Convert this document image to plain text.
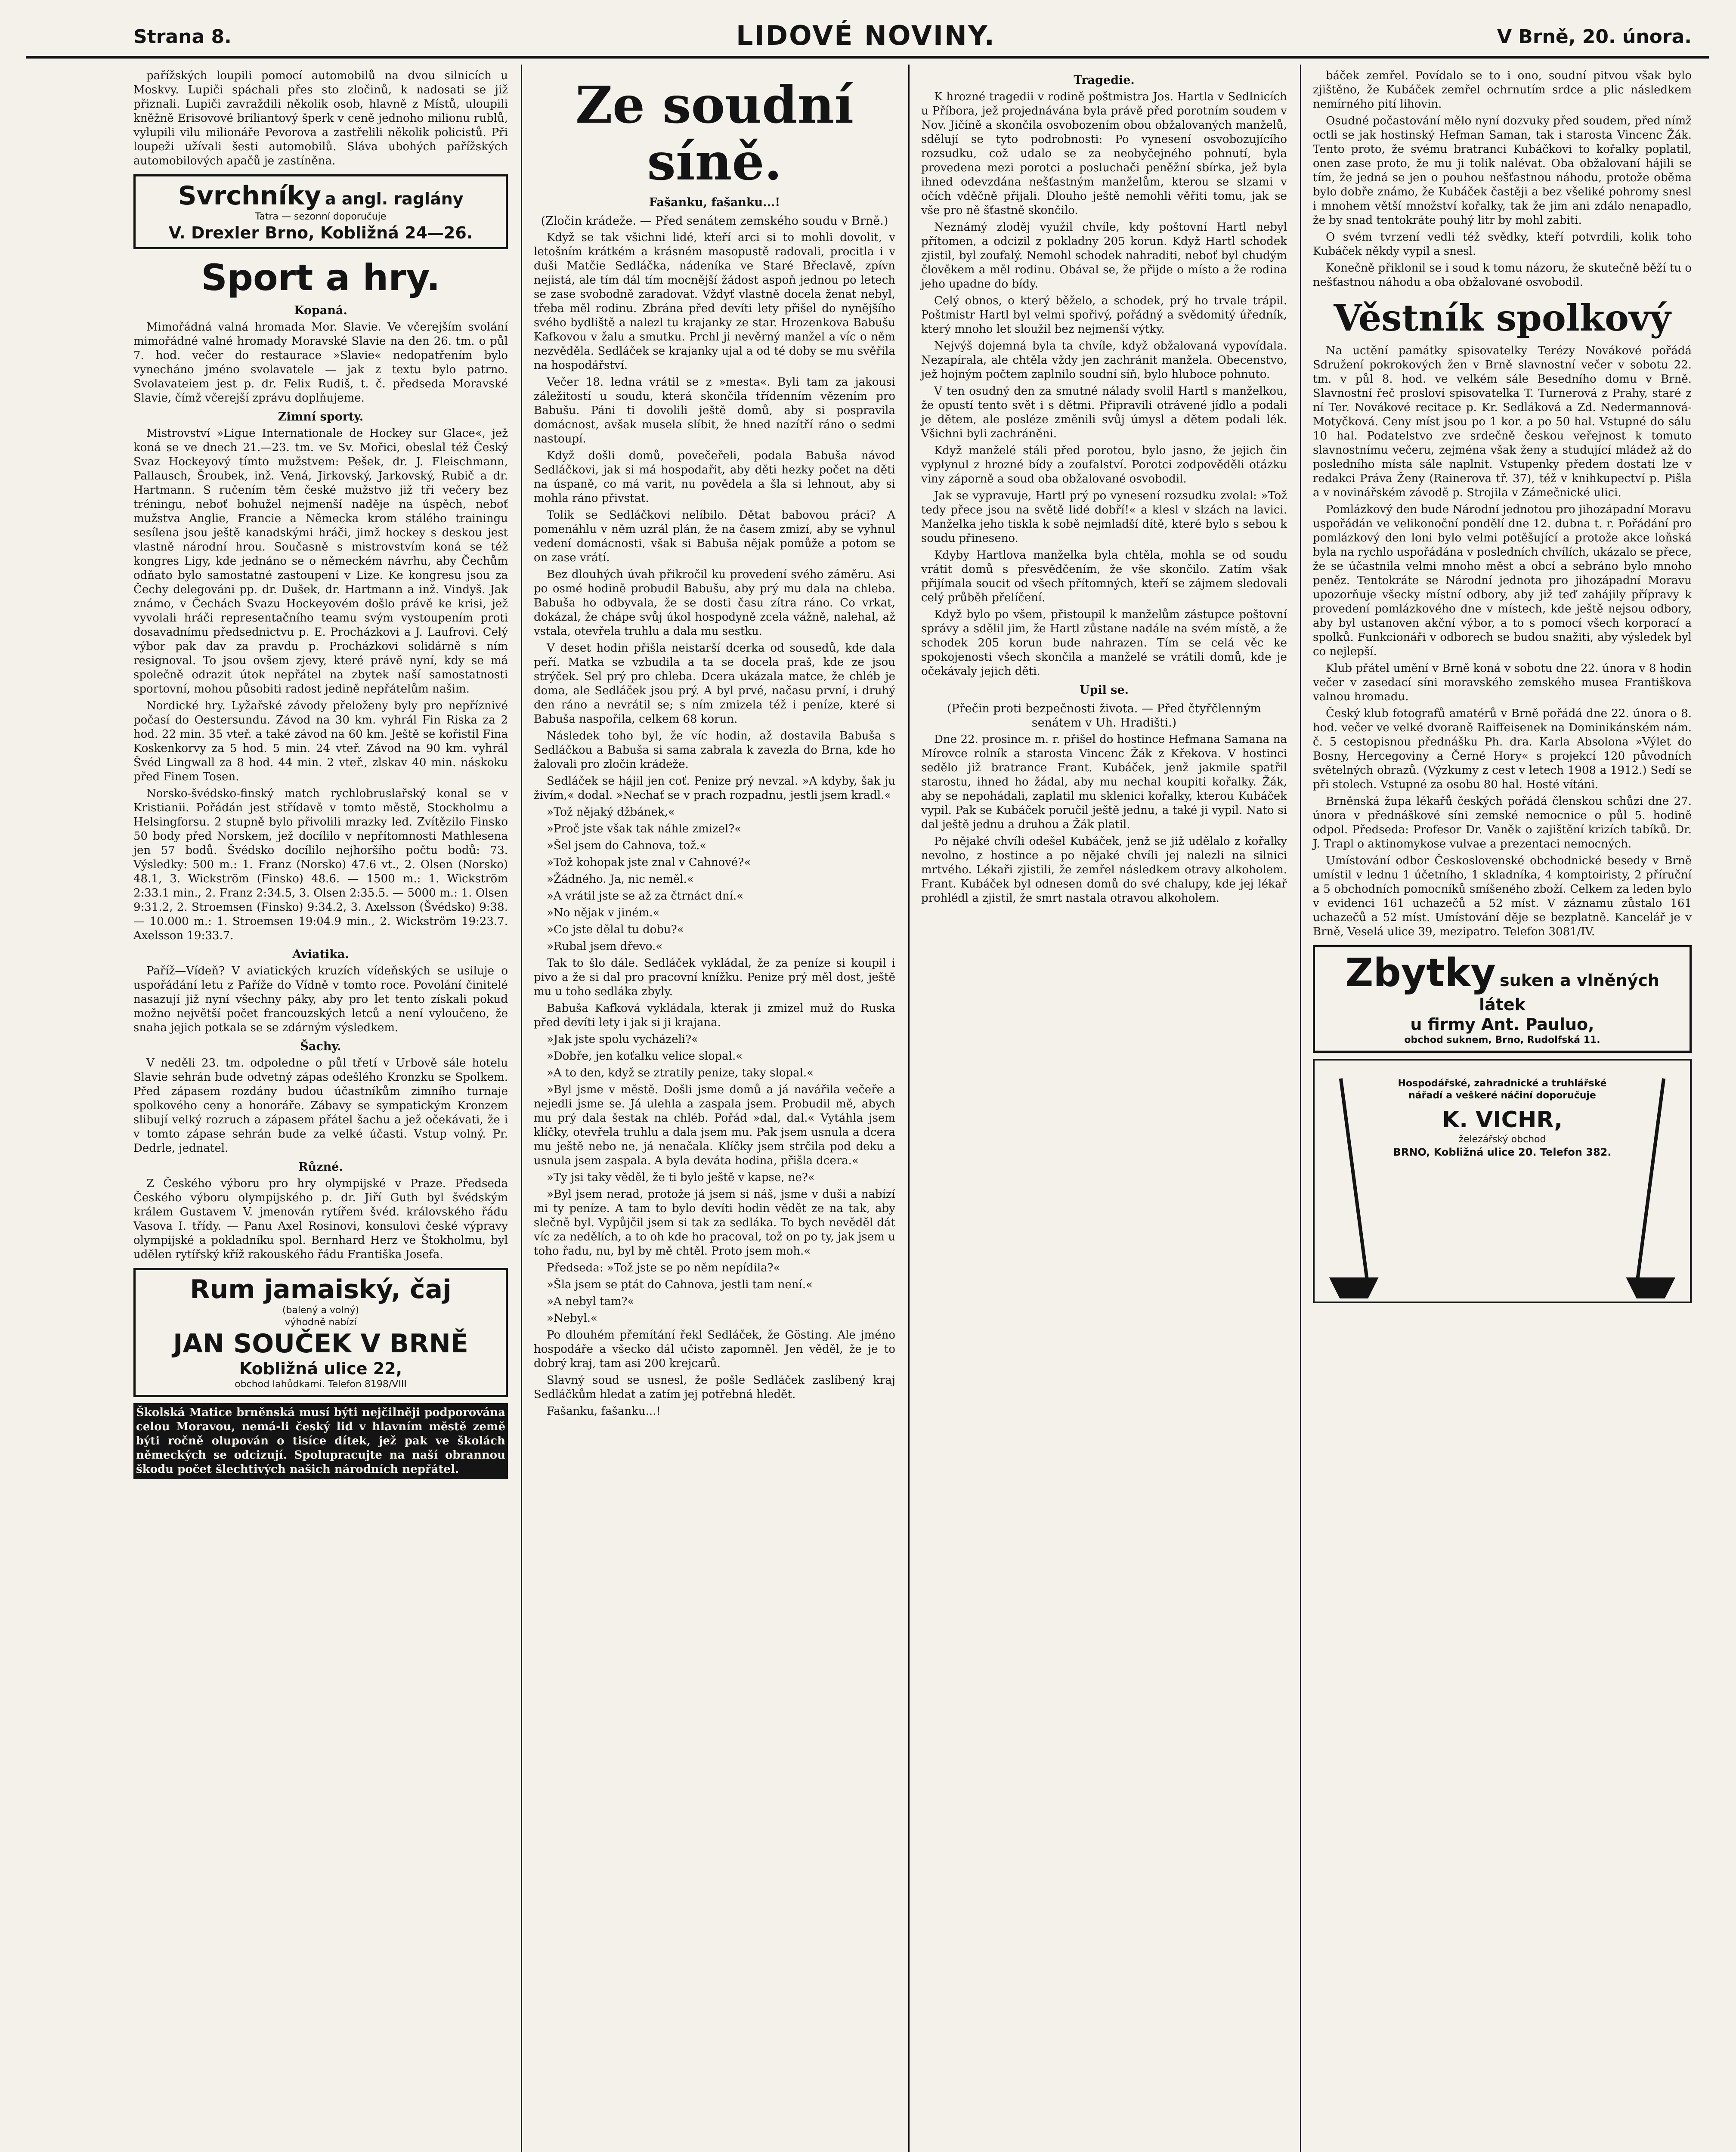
Strana 8.	LIDOVÉ NOVINY.	V Brně, 20. února.

pařížských loupili pomocí automobilů na dvou silnicích u Moskvy. Lupiči spáchali přes sto zločinů, k nadosati se již přiznali. Lupiči zavraždili několik osob, hlavně z Místů, uloupili kněžně Erisovové briliantový šperk v ceně jednoho milionu rublů, vylupili vilu milionáře Pevorova a zastřelili několik policistů. Při loupeži užívali šesti automobilů. Sláva ubohých pařížských automobilových apačů je zastíněna.

Svrchníky a angl. raglány
Tatra — sezonní doporučuje
V. Drexler Brno, Kobližná 24—26.
Sport a hry.
Kopaná.

Mimořádná valná hromada Mor. Slavie. Ve včerejším svolání mimořádné valné hromady Moravské Slavie na den 26. tm. o půl 7. hod. večer do restaurace »Slavie« nedopatřením bylo vynecháno jméno svolavatele — jak z textu bylo patrno. Svolavateiem jest p. dr. Felix Rudiš, t. č. předseda Moravské Slavie, čímž včerejší zprávu doplňujeme.

Zimní sporty.

Mistrovství »Ligue Internationale de Hockey sur Glace«, jež koná se ve dnech 21.—23. tm. ve Sv. Mořici, obeslal též Český Svaz Hockeyový tímto mužstvem: Pešek, dr. J. Fleischmann, Pallausch, Šroubek, inž. Vená, Jirkovský, Jarkovský, Rubič a dr. Hartmann. S ručením těm české mužstvo již tři večery bez tréningu, neboť bohužel nejmenší naděje na úspěch, neboť mužstva Anglie, Francie a Německa krom stálého trainingu sesílena jsou ještě kanadskými hráči, jimž hockey s deskou jest vlastně národní hrou. Současně s mistrovstvím koná se též kongres Ligy, kde jednáno se o německém návrhu, aby Čechům odňato bylo samostatné zastoupení v Lize. Ke kongresu jsou za Čechy delegováni pp. dr. Dušek, dr. Hartmann a inž. Vindyš. Jak známo, v Čechách Svazu Hockeyovém došlo právě ke krisi, jež vyvolali hráči representačního teamu svým vystoupením proti dosavadnímu předsednictvu p. E. Procházkovi a J. Laufrovi. Celý výbor pak dav za pravdu p. Procházkovi solidárně s ním resignoval. To jsou ovšem zjevy, které právě nyní, kdy se má společně odrazit útok nepřátel na zbytek naší samostatnosti sportovní, mohou působiti radost jedině nepřátelům našim.

Nordické hry. Lyžařské závody přeloženy byly pro nepříznivé počasí do Oestersundu. Závod na 30 km. vyhrál Fin Riska za 2 hod. 22 min. 35 vteř. a také závod na 60 km. Ještě se kořistil Fina Koskenkorvy za 5 hod. 5 min. 24 vteř. Závod na 90 km. vyhrál Švéd Lingwall za 8 hod. 44 min. 2 vteř., zlskav 40 min. náskoku před Finem Tosen.

Norsko-švédsko-finský match rychlobruslařský konal se v Kristianii. Pořádán jest střídavě v tomto městě, Stockholmu a Helsingforsu. 2 stupně bylo přivolili mrazky led. Zvítězilo Finsko 50 body před Norskem, jež docílilo v nepřítomnosti Mathlesena jen 57 bodů. Švédsko docílilo nejhoršího počtu bodů: 73. Výsledky: 500 m.: 1. Franz (Norsko) 47.6 vt., 2. Olsen (Norsko) 48.1, 3. Wickström (Finsko) 48.6. — 1500 m.: 1. Wickström 2:33.1 min., 2. Franz 2:34.5, 3. Olsen 2:35.5. — 5000 m.: 1. Olsen 9:31.2, 2. Stroemsen (Finsko) 9:34.2, 3. Axelsson (Švédsko) 9:38. — 10.000 m.: 1. Stroemsen 19:04.9 min., 2. Wickström 19:23.7. Axelsson 19:33.7.

Aviatika.

Paříž—Vídeň? V aviatických kruzích vídeňských se usiluje o uspořádání letu z Paříže do Vídně v tomto roce. Povolání činitelé nasazují již nyní všechny páky, aby pro let tento získali pokud možno největší počet francouzských letců a není vyloučeno, že snaha jejich potkala se se zdárným výsledkem.

Šachy.

V neděli 23. tm. odpoledne o půl třetí v Urbově sále hotelu Slavie sehrán bude odvetný zápas odešlého Kronzku se Spolkem. Před zápasem rozdány budou účastníkům zimního turnaje spolkového ceny a honoráře. Zábavy se sympatickým Kronzem slibují velký rozruch a zápasem přátel šachu a jež očekávati, že i v tomto zápase sehrán bude za velké účasti. Vstup volný. Pr. Dedrle, jednatel.

Různé.

Z Českého výboru pro hry olympijské v Praze. Předseda Českého výboru olympijského p. dr. Jiří Guth byl švédským králem Gustavem V. jmenován rytířem švéd. královského řádu Vasova I. třídy. — Panu Axel Rosinovi, konsulovi české výpravy olympijské a pokladníku spol. Bernhard Herz ve Štokholmu, byl udělen rytířský kříž rakouského řádu Františka Josefa.

Rum jamaiský, čaj
(balený a volný)
výhodně nabízí
JAN SOUČEK V BRNĚ
Kobližná ulice 22,
obchod lahůdkami. Telefon 8198/VIII

Školská Matice brněnská musí býti nejčilněji podporována celou Moravou, nemá-li český lid v hlavním městě země býti ročně olupován o tisíce dítek, jež pak ve školách německých se odcizují. Spolupracujte na naší obrannou škodu počet šlechtivých našich národních nepřátel.

Ze soudní síně.
Fašanku, fašanku...!
(Zločin krádeže. — Před senátem zemského soudu v Brně.)

Když se tak všichni lidé, kteří arci si to mohli dovolit, v letošním krátkém a krásném masopustě radovali, procitla i v duši Matčie Sedláčka, nádeníka ve Staré Břeclavě, zpívn nejistá, ale tím dál tím mocnější žádost aspoň jednou po letech se zase svobodně zaradovat. Vždyť vlastně docela ženat nebyl, třeba měl rodinu. Zbrána před devíti lety přišel do nynějšího svého bydliště a nalezl tu krajanky ze star. Hrozenkova Babušu Kafkovou v žalu a smutku. Prchl ji nevěrný manžel a víc o něm nezvěděla. Sedláček se krajanky ujal a od té doby se mu svěřila na hospodářství.

Večer 18. ledna vrátil se z »mesta«. Byli tam za jakousi záležitostí u soudu, která skončila třídenním vězením pro Babušu. Páni ti dovolili ještě domů, aby si pospravila domácnost, avšak musela slíbit, že hned nazítří ráno o sedmi nastoupí.

Když došli domů, povečeřeli, podala Babuša návod Sedláčkovi, jak si má hospodařit, aby děti hezky počet na děti na úspaně, co má varit, nu povědela a šla si lehnout, aby si mohla ráno přivstat.

Tolik se Sedláčkovi nelíbilo. Dětat babovou práci? A pomenáhlu v něm uzrál plán, že na časem zmizí, aby se vyhnul vedení domácnosti, však si Babuša nějak pomůže a potom se on zase vrátí.

Bez dlouhých úvah přikročil ku provedení svého záměru. Asi po osmé hodině probudil Babušu, aby prý mu dala na chleba. Babuša ho odbyvala, že se dosti času zítra ráno. Co vrkat, dokázal, že chápe svůj úkol hospodyně zcela vážně, nalehal, až vstala, otevřela truhlu a dala mu sestku.

V deset hodin přišla neistarší dcerka od sousedů, kde dala peří. Matka se vzbudila a ta se docela praš, kde ze jsou strýček. Sel prý pro chleba. Dcera ukázala matce, že chléb je doma, ale Sedláček jsou prý. A byl prvé, načasu první, i druhý den ráno a nevrátil se; s ním zmizela též i peníze, které si Babuša naspořila, celkem 68 korun.

Následek toho byl, že víc hodin, až dostavila Babuša s Sedláčkou a Babuša si sama zabrala k zavezla do Brna, kde ho žalovali pro zločin krádeže.

Sedláček se hájil jen coť. Penize prý nevzal. »A kdyby, šak ju živím,« dodal. »Nechať se v prach rozpadnu, jestli jsem kradl.«

»Tož nějaký džbánek,«

»Proč jste však tak náhle zmizel?«

»Šel jsem do Cahnova, tož.«

»Tož kohopak jste znal v Cahnové?«

»Žádného. Ja, nic neměl.«

»A vrátil jste se až za čtrnáct dní.«

»No nějak v jiném.«

»Co jste dělal tu dobu?«

»Rubal jsem dřevo.«

Tak to šlo dále. Sedláček vykládal, že za peníze si koupil i pivo a že si dal pro pracovní knížku. Penize prý měl dost, ještě mu u toho sedláka zbyly.

Babuša Kafková vykládala, kterak ji zmizel muž do Ruska před devíti lety i jak si ji krajana.

»Jak jste spolu vycházeli?«

»Dobře, jen koťalku velice slopal.«

»A to den, když se ztratily penize, taky slopal.«

»Byl jsme v městě. Došli jsme domů a já navářila večeře a nejedli jsme se. Já ulehla a zaspala jsem. Probudil mě, abych mu prý dala šestak na chléb. Pořád »dal, dal.« Vytáhla jsem klíčky, otevřela truhlu a dala jsem mu. Pak jsem usnula a dcera mu ještě nebo ne, já nenačala. Klíčky jsem strčila pod deku a usnula jsem zaspala. A byla deváta hodina, přišla dcera.«

»Ty jsi taky věděl, že ti bylo ještě v kapse, ne?«

»Byl jsem nerad, protože já jsem si náš, jsme v duši a nabízí mi ty peníze. A tam to bylo devíti hodin vědět ze na tak, aby slečně byl. Vypůjčil jsem si tak za sedláka. To bych nevěděl dát víc za nedělích, a to oh kde ho pracoval, tož on po ty, jak jsem u toho řadu, nu, byl by mě chtěl. Proto jsem moh.«

Předseda: »Tož jste se po něm nepídila?«

»Šla jsem se ptát do Cahnova, jestli tam není.«

»A nebyl tam?«

»Nebyl.«

Po dlouhém přemítání řekl Sedláček, že Gösting. Ale jméno hospodáře a všecko dál učisto zapomněl. Jen věděl, že je to dobrý kraj, tam asi 200 krejcarů.

Slavný soud se usnesl, že pošle Sedláček zaslíbený kraj Sedláčkům hledat a zatím jej potřebná hledět.

Fašanku, fašanku...!

Tragedie.

K hrozné tragedii v rodině poštmistra Jos. Hartla v Sedlnicích u Příbora, jež projednávána byla právě před porotním soudem v Nov. Jičíně a skončila osvobozením obou obžalovaných manželů, sdělují se tyto podrobnosti: Po vynesení osvobozujícího rozsudku, což udalo se za neobyčejného pohnutí, byla provedena mezi porotci a posluchači peněžní sbírka, jež byla ihned odevzdána nešťastným manželům, kterou se slzami v očích vděčně přijali. Dlouho ještě nemohli věřiti tomu, jak se vše pro ně šťastně skončilo.

Neznámý zloděj využil chvíle, kdy poštovní Hartl nebyl přítomen, a odcizil z pokladny 205 korun. Když Hartl schodek zjistil, byl zoufalý. Nemohl schodek nahraditi, neboť byl chudým člověkem a měl rodinu. Obával se, že přijde o místo a že rodina jeho upadne do bídy.

Celý obnos, o který běželo, a schodek, prý ho trvale trápil. Poštmistr Hartl byl velmi spořivý, pořádný a svědomitý úředník, který mnoho let sloužil bez nejmenší výtky.

Nejvýš dojemná byla ta chvíle, když obžalovaná vypovídala. Nezapírala, ale chtěla vždy jen zachránit manžela. Obecenstvo, jež hojným počtem zaplnilo soudní síň, bylo hluboce pohnuto.

V ten osudný den za smutné nálady svolil Hartl s manželkou, že opustí tento svět i s dětmi. Připravili otrávené jídlo a podali je dětem, ale posléze změnili svůj úmysl a dětem podali lék. Všichni byli zachráněni.

Když manželé stáli před porotou, bylo jasno, že jejich čin vyplynul z hrozné bídy a zoufalství. Porotci zodpověděli otázku viny záporně a soud oba obžalované osvobodil.

Jak se vypravuje, Hartl prý po vynesení rozsudku zvolal: »Tož tedy přece jsou na světě lidé dobří!« a klesl v slzách na lavici. Manželka jeho tiskla k sobě nejmladší dítě, které bylo s sebou k soudu přineseno.

Kdyby Hartlova manželka byla chtěla, mohla se od soudu vrátit domů s přesvědčením, že vše skončilo. Zatím však přijímala soucit od všech přítomných, kteří se zájmem sledovali celý průběh přelíčení.

Když bylo po všem, přistoupil k manželům zástupce poštovní správy a sdělil jim, že Hartl zůstane nadále na svém místě, a že schodek 205 korun bude nahrazen. Tím se celá věc ke spokojenosti všech skončila a manželé se vrátili domů, kde je očekávaly jejich děti.

Upil se.
(Přečin proti bezpečnosti života. — Před čtyřčlenným senátem v Uh. Hradišti.)

Dne 22. prosince m. r. přišel do hostince Hefmana Samana na Mírovce rolník a starosta Vincenc Žák z Křekova. V hostinci sedělo již bratrance Frant. Kubáček, jenž jakmile spatřil starostu, ihned ho žádal, aby mu nechal koupiti kořalky. Žák, aby se nepohádali, zaplatil mu sklenici kořalky, kterou Kubáček vypil. Pak se Kubáček poručil ještě jednu, a také ji vypil. Nato si dal ještě jednu a druhou a Žák platil.

Po nějaké chvíli odešel Kubáček, jenž se již udělalo z kořalky nevolno, z hostince a po nějaké chvíli jej nalezli na silnici mrtvého. Lékaři zjistili, že zemřel následkem otravy alkoholem. Frant. Kubáček byl odnesen domů do své chalupy, kde jej lékař prohlédl a zjistil, že smrt nastala otravou alkoholem.

báček zemřel. Povídalo se to i ono, soudní pitvou však bylo zjištěno, že Kubáček zemřel ochrnutím srdce a plic následkem nemírného pití lihovin.

Osudné počastování mělo nyní dozvuky před soudem, před nímž octli se jak hostinský Hefman Saman, tak i starosta Vincenc Žák. Tento proto, že svému bratranci Kubáčkovi to kořalky poplatil, onen zase proto, že mu ji tolik nalévat. Oba obžalovaní hájili se tím, že jedná se jen o pouhou nešťastnou náhodu, protože oběma bylo dobře známo, že Kubáček častěji a bez všeliké pohromy snesl i mnohem větší množství kořalky, tak že jim ani zdálo nenapadlo, že by snad tentokráte pouhý litr by mohl zabiti.

O svém tvrzení vedli též svědky, kteří potvrdili, kolik toho Kubáček někdy vypil a snesl.

Konečně přiklonil se i soud k tomu názoru, že skutečně běží tu o nešťastnou náhodu a oba obžalované osvobodil.

Věstník spolkový

Na uctění památky spisovatelky Terézy Novákové pořádá Sdružení pokrokových žen v Brně slavnostní večer v sobotu 22. tm. v půl 8. hod. ve velkém sále Besedního domu v Brně. Slavnostní řeč prosloví spisovatelka T. Turnerová z Prahy, staré z ní Ter. Novákové recitace p. Kr. Sedláková a Zd. Nedermannová-Motyčková. Ceny míst jsou po 1 kor. a po 50 hal. Vstupné do sálu 10 hal. Podatelstvo zve srdečně českou veřejnost k tomuto slavnostnímu večeru, zejména však ženy a studující mládež až do posledního místa sále naplnit. Vstupenky předem dostati lze v redakci Práva Ženy (Rainerova tř. 37), též v knihkupectví p. Pišla a v novinářském závodě p. Strojila v Zámečnické ulici.

Pomlázkový den bude Národní jednotou pro jihozápadní Moravu uspořádán ve velikonoční pondělí dne 12. dubna t. r. Pořádání pro pomlázkový den loni bylo velmi potěšující a protože akce loňská byla na rychlo uspořádána v posledních chvílích, ukázalo se přece, že se účastnila velmi mnoho měst a obcí a sebráno bylo mnoho peněz. Tentokráte se Národní jednota pro jihozápadní Moravu upozorňuje všecky místní odbory, aby již teď zahájily přípravy k provedení pomlázkového dne v místech, kde ještě nejsou odbory, aby byl ustanoven akční výbor, a to s pomocí všech korporací a spolků. Funkcionáři v odborech se budou snažiti, aby výsledek byl co nejlepší.

Klub přátel umění v Brně koná v sobotu dne 22. února v 8 hodin večer v zasedací síni moravského zemského musea Františkova valnou hromadu.

Český klub fotografů amatérů v Brně pořádá dne 22. února o 8. hod. večer ve velké dvoraně Raiffeisenek na Dominikánském nám. č. 5 cestopisnou přednášku Ph. dra. Karla Absolona »Výlet do Bosny, Hercegoviny a Černé Hory« s projekcí 120 původních světelných obrazů. (Výzkumy z cest v letech 1908 a 1912.) Sedí se při stolech. Vstupné za osobu 80 hal. Hosté vítáni.

Brněnská župa lékařů českých pořádá členskou schůzi dne 27. února v přednáškové síni zemské nemocnice o půl 5. hodině odpol. Předseda: Profesor Dr. Vaněk o zajištění krizích tabíků. Dr. J. Trapl o aktinomykose vulvae a prezentaci nemocných.

Umístování odbor Československé obchodnické besedy v Brně umístil v lednu 1 účetního, 1 skladníka, 4 komptoiristy, 2 příruční a 5 obchodních pomocníků smíšeného zboží. Celkem za leden bylo v evidenci 161 uchazečů a 52 míst. V záznamu zůstalo 161 uchazečů a 52 míst. Umístování děje se bezplatně. Kancelář je v Brně, Veselá ulice 39, mezipatro. Telefon 3081/IV.

Zbytky suken a vlněných látek
u firmy Ant. Pauluo,
obchod suknem, Brno, Rudolfská 11.
Hospodářské, zahradnické a truhlářské nářadí a veškeré náčiní doporučuje
K. VICHR,
železářský obchod
BRNO, Kobližná ulice 20. Telefon 382.
